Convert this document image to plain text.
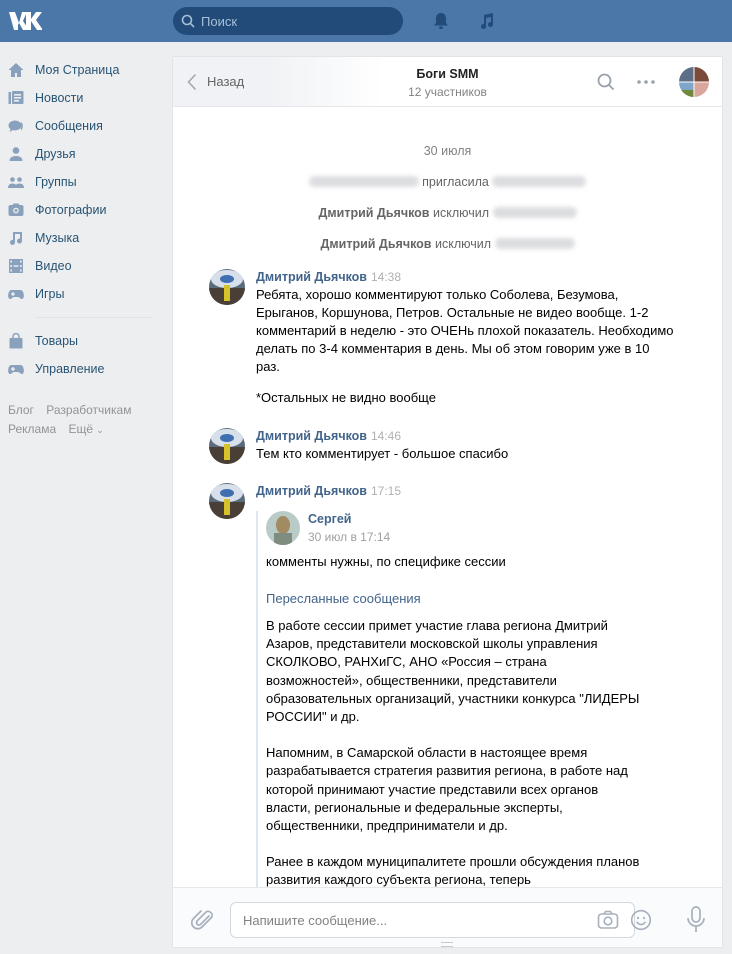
Поиск
Моя Страница
Новости
Сообщения
Друзья
Группы
Фотографии
Музыка
Видео
Игры
Товары
Управление
Блог Разработчикам
Реклама Ещё ⌄
Назад	Боги SMM
12 участников
30 июля
пригласила
Дмитрий Дьячков исключил
Дмитрий Дьячков исключил
Дмитрий Дьячков 14:38

Ребята, хорошо комментируют только Соболева, Безумова, Ерыганов, Коршунова, Петров. Остальные не видео вообще. 1-2 комментарий в неделю - это ОЧЕНь плохой показатель. Необходимо делать по 3-4 комментария в день. Мы об этом говорим уже в 10 раз.

*Остальных не видно вообще

Дмитрий Дьячков 14:46

Тем кто комментирует - большое спасибо

Дмитрий Дьячков 17:15
Сергей
30 июл в 17:14
комменты нужны, по специфике сессии
Пересланные сообщения

В работе сессии примет участие глава региона Дмитрий Азаров, представители московской школы управления СКОЛКОВО, РАНХиГС, АНО «Россия – страна возможностей», общественники, представители образовательных организаций, участники конкурса "ЛИДЕРЫ РОССИИ" и др.

Напомним, в Самарской области в настоящее время разрабатывается стратегия развития региона, в работе над которой принимают участие представили всех органов власти, региональные и федеральные эксперты, общественники, предприниматели и др.

Ранее в каждом муниципалитете прошли обсуждения планов развития каждого субъекта региона, теперь

Напишите сообщение...
